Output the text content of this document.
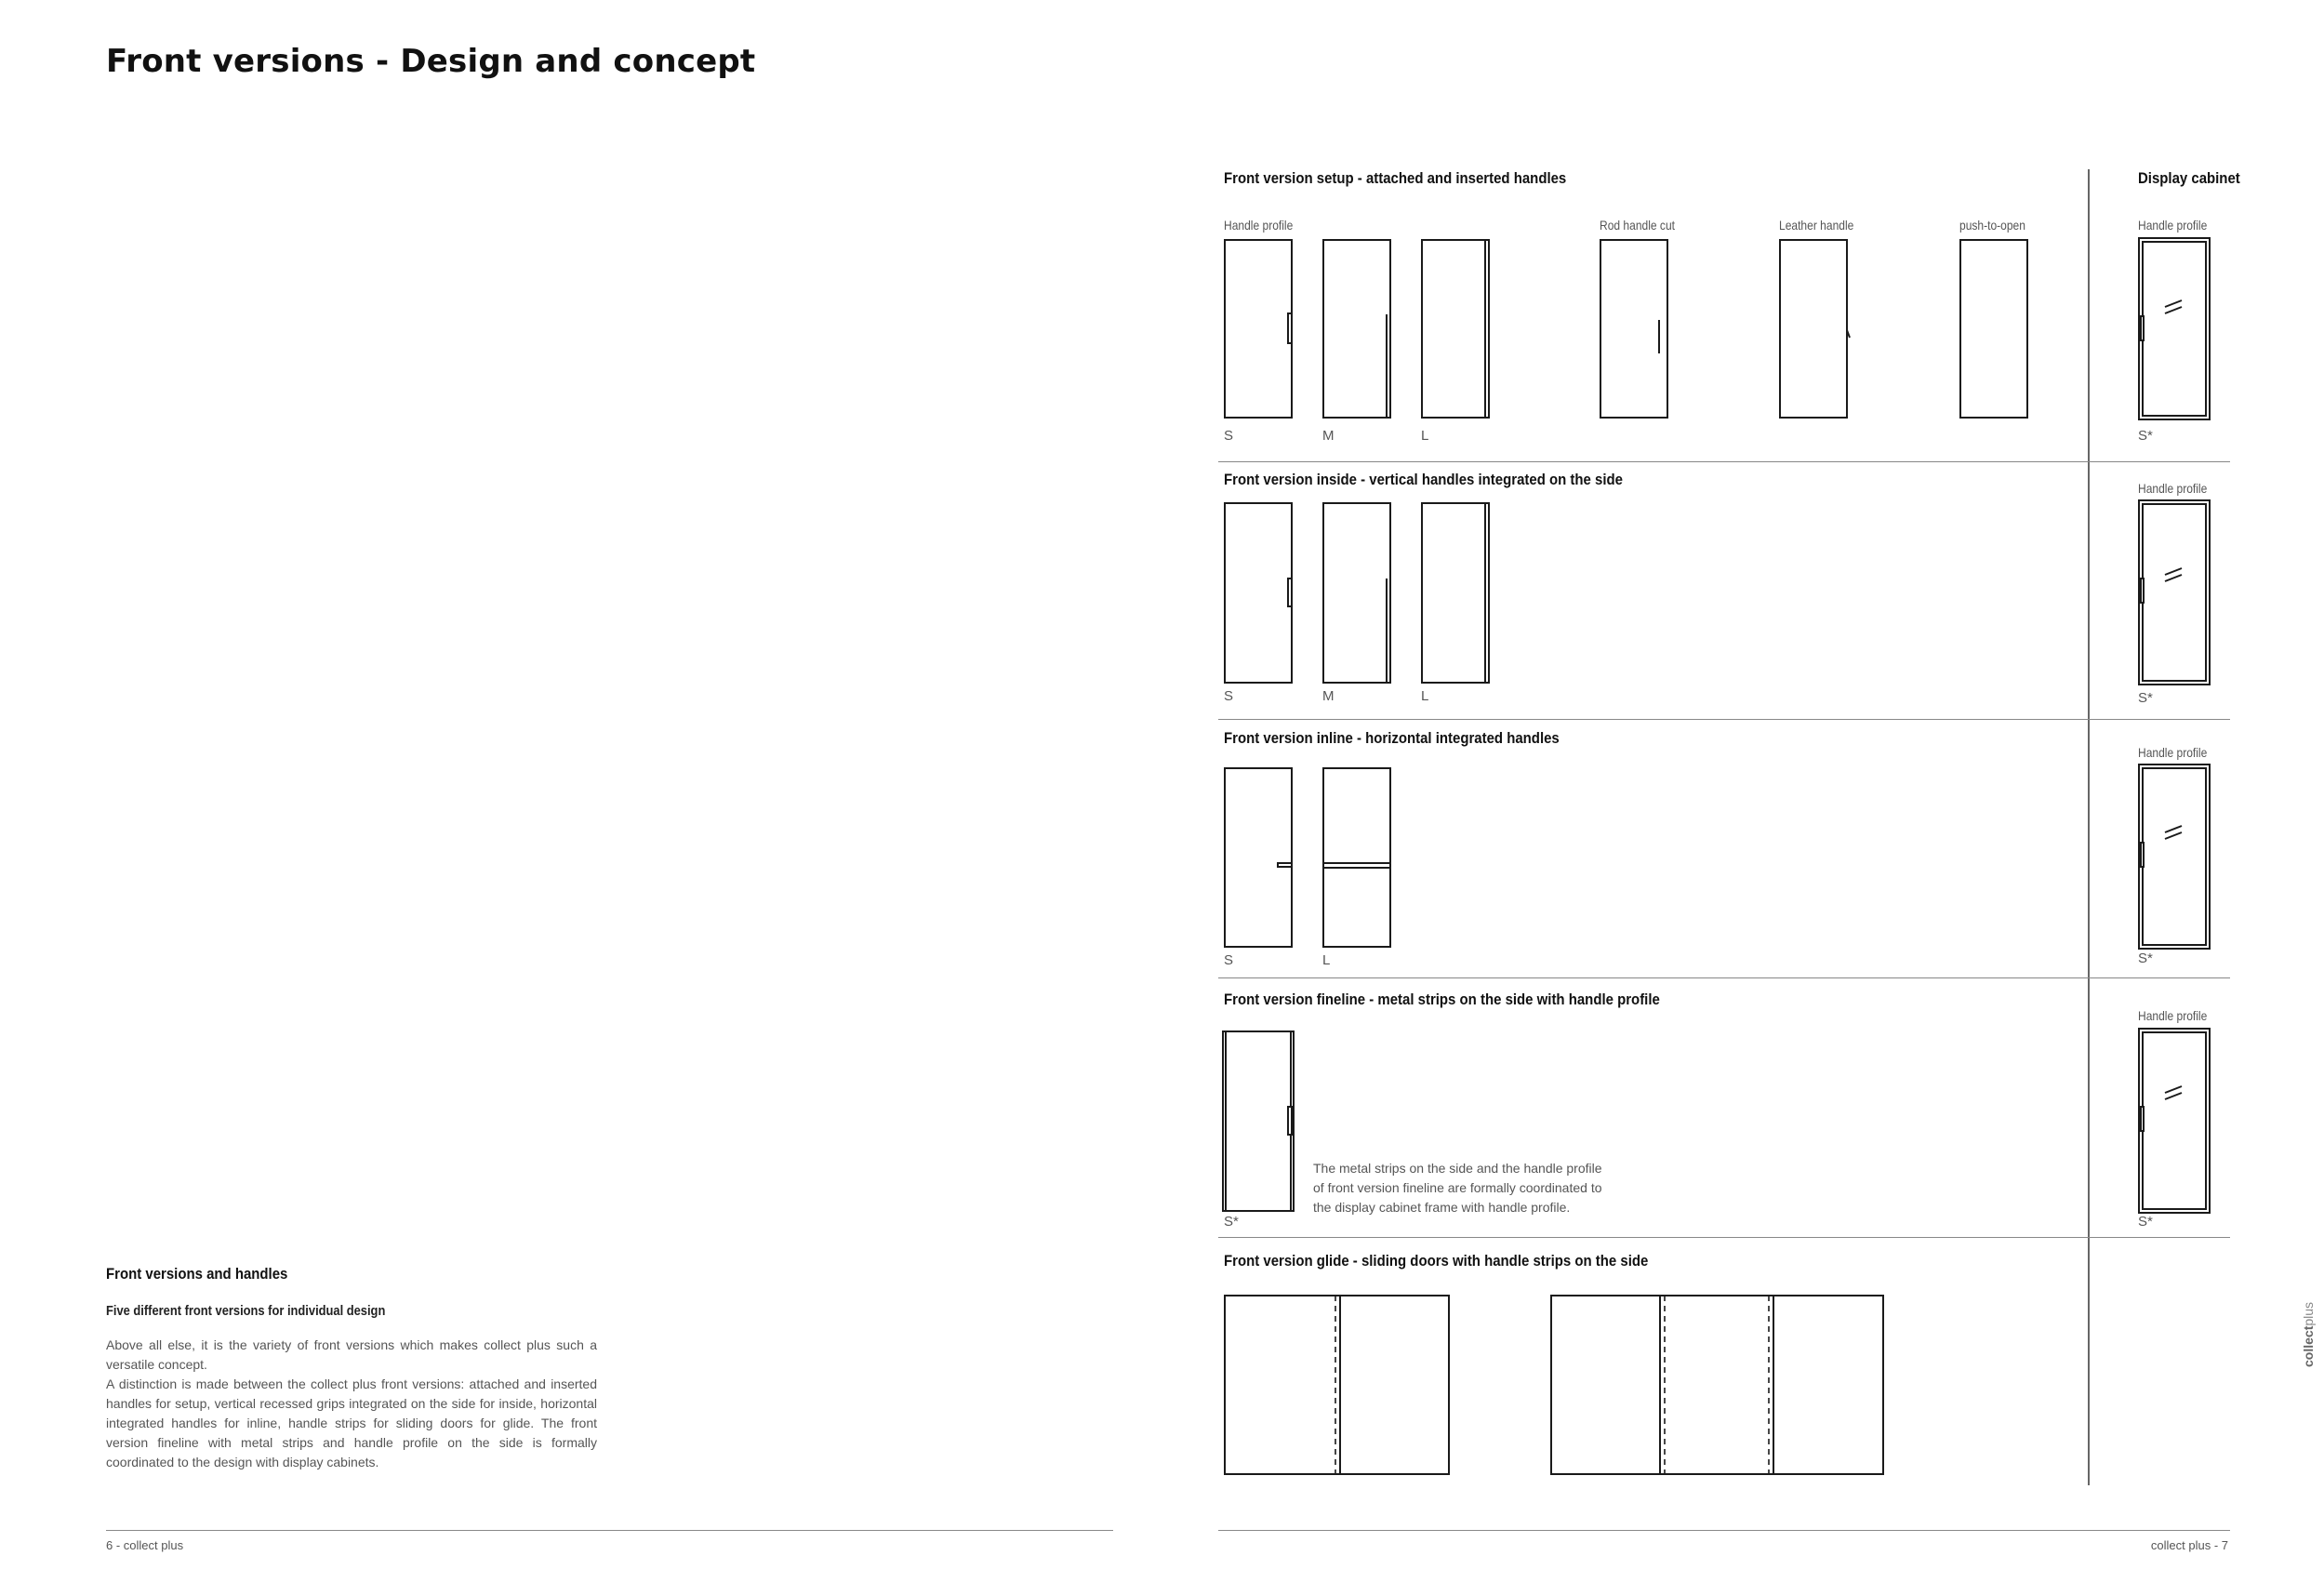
Front versions - Design and concept
Front versions and handles
Five different front versions for individual design

Above all else, it is the variety of front versions which makes collect plus such a versatile concept.

A distinction is made between the collect plus front versions: attached and inserted handles for setup, vertical recessed grips integrated on the side for inside, horizontal integrated handles for inline, handle strips for sliding doors for glide. The front version fineline with metal strips and handle profile on the side is formally coordinated to the design with display cabinets.

6 - collect plus	collect plus - 7
collectplus
Front version setup - attached and inserted handles	Display cabinet
Front version inside - vertical handles integrated on the side
Front version inline - horizontal integrated handles
Front version fineline - metal strips on the side with handle profile
Front version glide - sliding doors with handle strips on the side
Handle profile	Rod handle cut	Leather handle	push-to-open	Handle profile
Handle profile
Handle profile
Handle profile
S	M	L	S*
S	M	L	S*
S	L	S*
S*	S*

The metal strips on the side and the handle profile of front version fineline are formally coordinated to the display cabinet frame with handle profile.
